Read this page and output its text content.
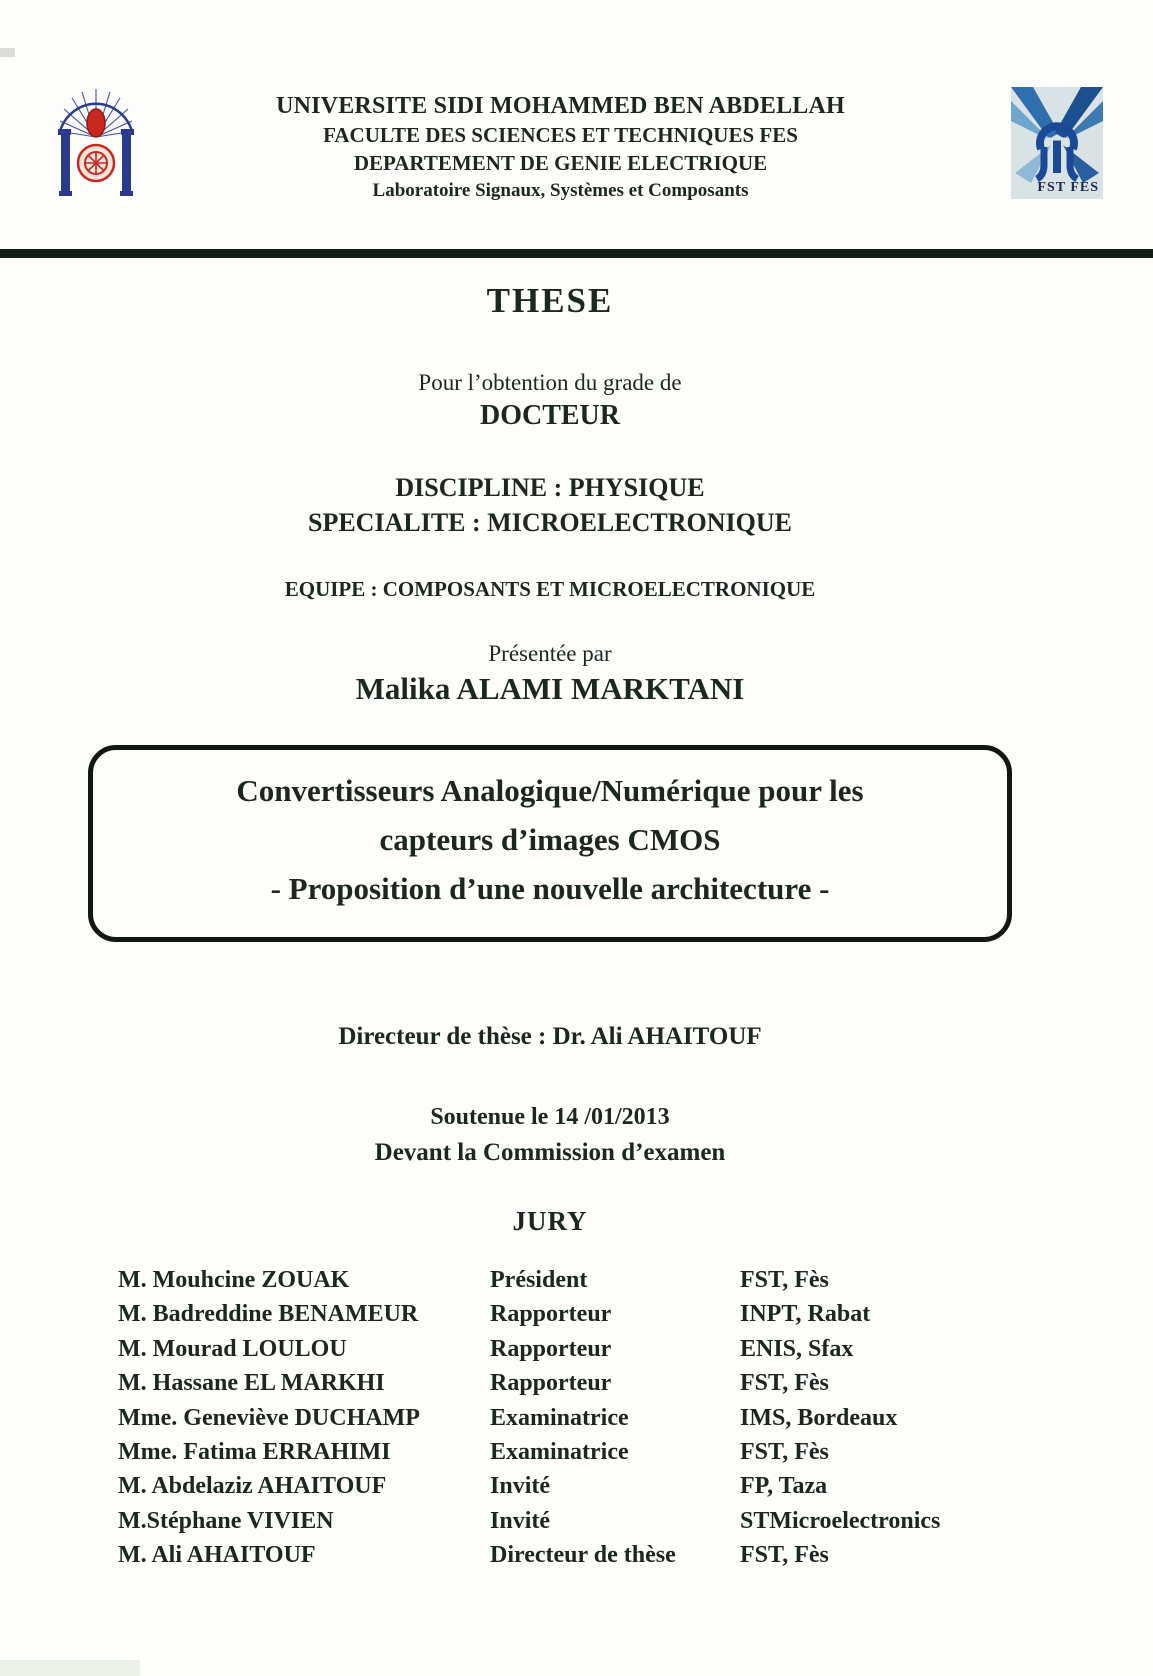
UNIVERSITE SIDI MOHAMMED BEN ABDELLAH
FACULTE DES SCIENCES ET TECHNIQUES FES
DEPARTEMENT DE GENIE ELECTRIQUE
Laboratoire Signaux, Systèmes et Composants	FST FES
THESE
Pour l’obtention du grade de
DOCTEUR
DISCIPLINE : PHYSIQUE
SPECIALITE : MICROELECTRONIQUE
EQUIPE : COMPOSANTS ET MICROELECTRONIQUE
Présentée par
Malika ALAMI MARKTANI
Convertisseurs Analogique/Numérique pour les
capteurs d’images CMOS
- Proposition d’une nouvelle architecture -
Directeur de thèse : Dr. Ali AHAITOUF
Soutenue le 14 /01/2013
Devant la Commission d’examen
JURY
M. Mouhcine ZOUAK	Président	FST, Fès
M. Badreddine BENAMEUR	Rapporteur	INPT, Rabat
M. Mourad LOULOU	Rapporteur	ENIS, Sfax
M. Hassane EL MARKHI	Rapporteur	FST, Fès
Mme. Geneviève DUCHAMP	Examinatrice	IMS, Bordeaux
Mme. Fatima ERRAHIMI	Examinatrice	FST, Fès
M. Abdelaziz AHAITOUF	Invité	FP, Taza
M.Stéphane VIVIEN	Invité	STMicroelectronics
M. Ali AHAITOUF	Directeur de thèse	FST, Fès
